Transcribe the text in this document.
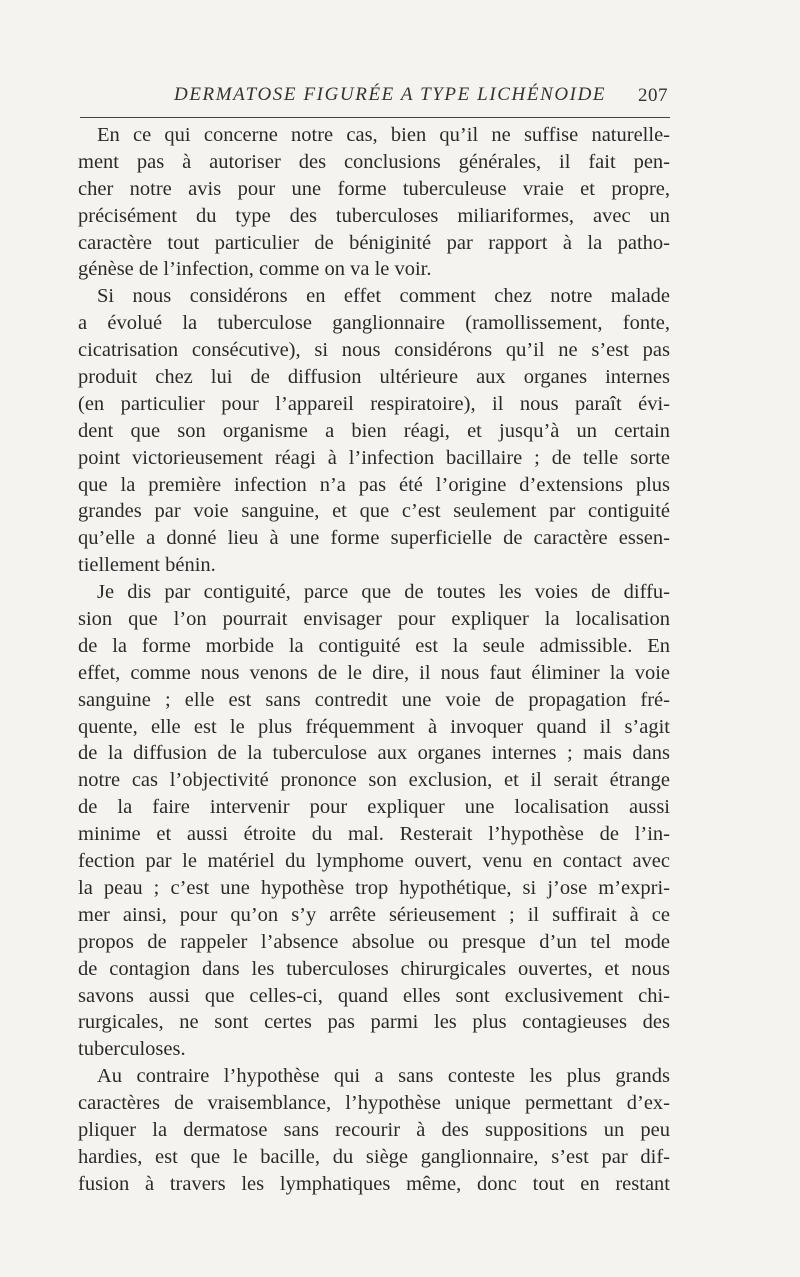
DERMATOSE FIGURÉE A TYPE LICHÉNOIDE 207
En ce qui concerne notre cas, bien qu’il ne suffise naturelle-
ment pas à autoriser des conclusions générales, il fait pen-
cher notre avis pour une forme tuberculeuse vraie et propre,
précisément du type des tuberculoses miliariformes, avec un
caractère tout particulier de béniginité par rapport à la patho-
génèse de l’infection, comme on va le voir.
Si nous considérons en effet comment chez notre malade
a évolué la tuberculose ganglionnaire (ramollissement, fonte,
cicatrisation consécutive), si nous considérons qu’il ne s’est pas
produit chez lui de diffusion ultérieure aux organes internes
(en particulier pour l’appareil respiratoire), il nous paraît évi-
dent que son organisme a bien réagi, et jusqu’à un certain
point victorieusement réagi à l’infection bacillaire ; de telle sorte
que la première infection n’a pas été l’origine d’extensions plus
grandes par voie sanguine, et que c’est seulement par contiguité
qu’elle a donné lieu à une forme superficielle de caractère essen-
tiellement bénin.
Je dis par contiguité, parce que de toutes les voies de diffu-
sion que l’on pourrait envisager pour expliquer la localisation
de la forme morbide la contiguité est la seule admissible. En
effet, comme nous venons de le dire, il nous faut éliminer la voie
sanguine ; elle est sans contredit une voie de propagation fré-
quente, elle est le plus fréquemment à invoquer quand il s’agit
de la diffusion de la tuberculose aux organes internes ; mais dans
notre cas l’objectivité prononce son exclusion, et il serait étrange
de la faire intervenir pour expliquer une localisation aussi
minime et aussi étroite du mal. Resterait l’hypothèse de l’in-
fection par le matériel du lymphome ouvert, venu en contact avec
la peau ; c’est une hypothèse trop hypothétique, si j’ose m’expri-
mer ainsi, pour qu’on s’y arrête sérieusement ; il suffirait à ce
propos de rappeler l’absence absolue ou presque d’un tel mode
de contagion dans les tuberculoses chirurgicales ouvertes, et nous
savons aussi que celles-ci, quand elles sont exclusivement chi-
rurgicales, ne sont certes pas parmi les plus contagieuses des
tuberculoses.
Au contraire l’hypothèse qui a sans conteste les plus grands
caractères de vraisemblance, l’hypothèse unique permettant d’ex-
pliquer la dermatose sans recourir à des suppositions un peu
hardies, est que le bacille, du siège ganglionnaire, s’est par dif-
fusion à travers les lymphatiques même, donc tout en restant
